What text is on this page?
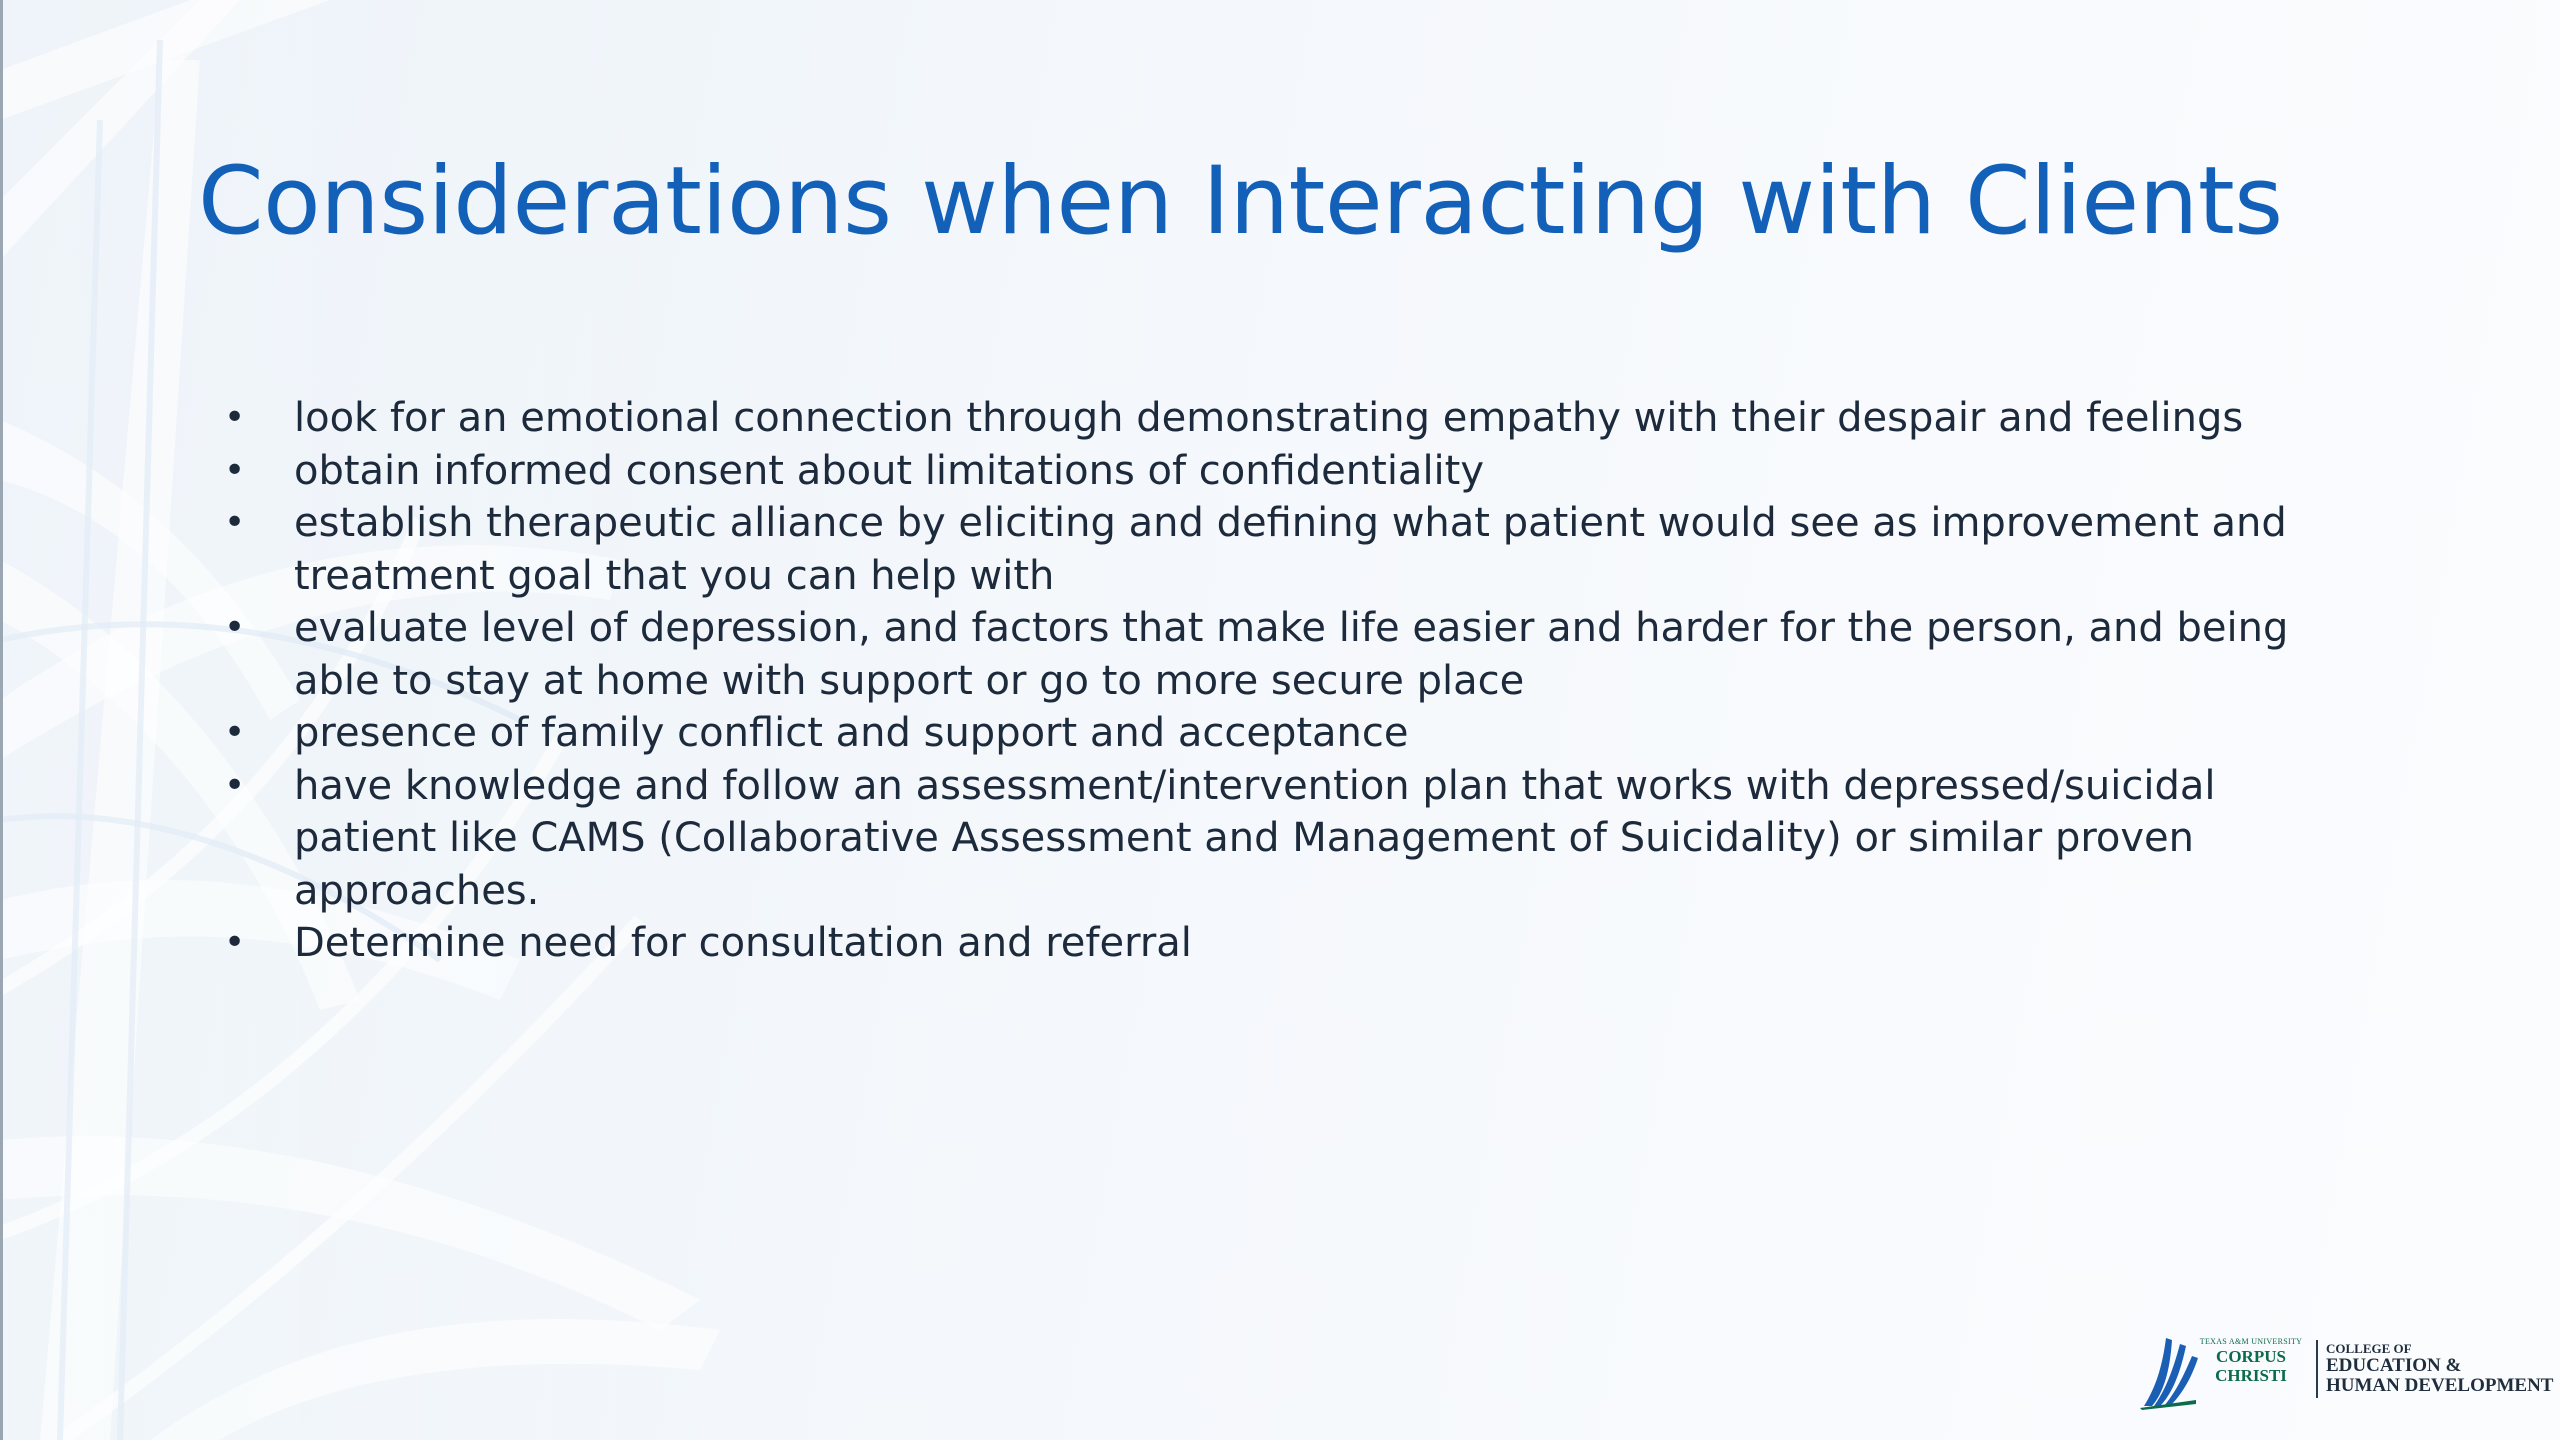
Considerations when Interacting with Clients
• look for an emotional connection through demonstrating empathy with their despair and feelings
• obtain informed consent about limitations of confidentiality
• establish therapeutic alliance by eliciting and defining what patient would see as improvement and treatment goal that you can help with
• evaluate level of depression, and factors that make life easier and harder for the person, and being able to stay at home with support or go to more secure place
• presence of family conflict and support and acceptance
• have knowledge and follow an assessment/intervention plan that works with depressed/suicidal patient like CAMS (Collaborative Assessment and Management of Suicidality) or similar proven approaches.
• Determine need for consultation and referral
TEXAS A&M UNIVERSITY
CORPUS
CHRISTI
COLLEGE OF
EDUCATION &
HUMAN DEVELOPMENT
